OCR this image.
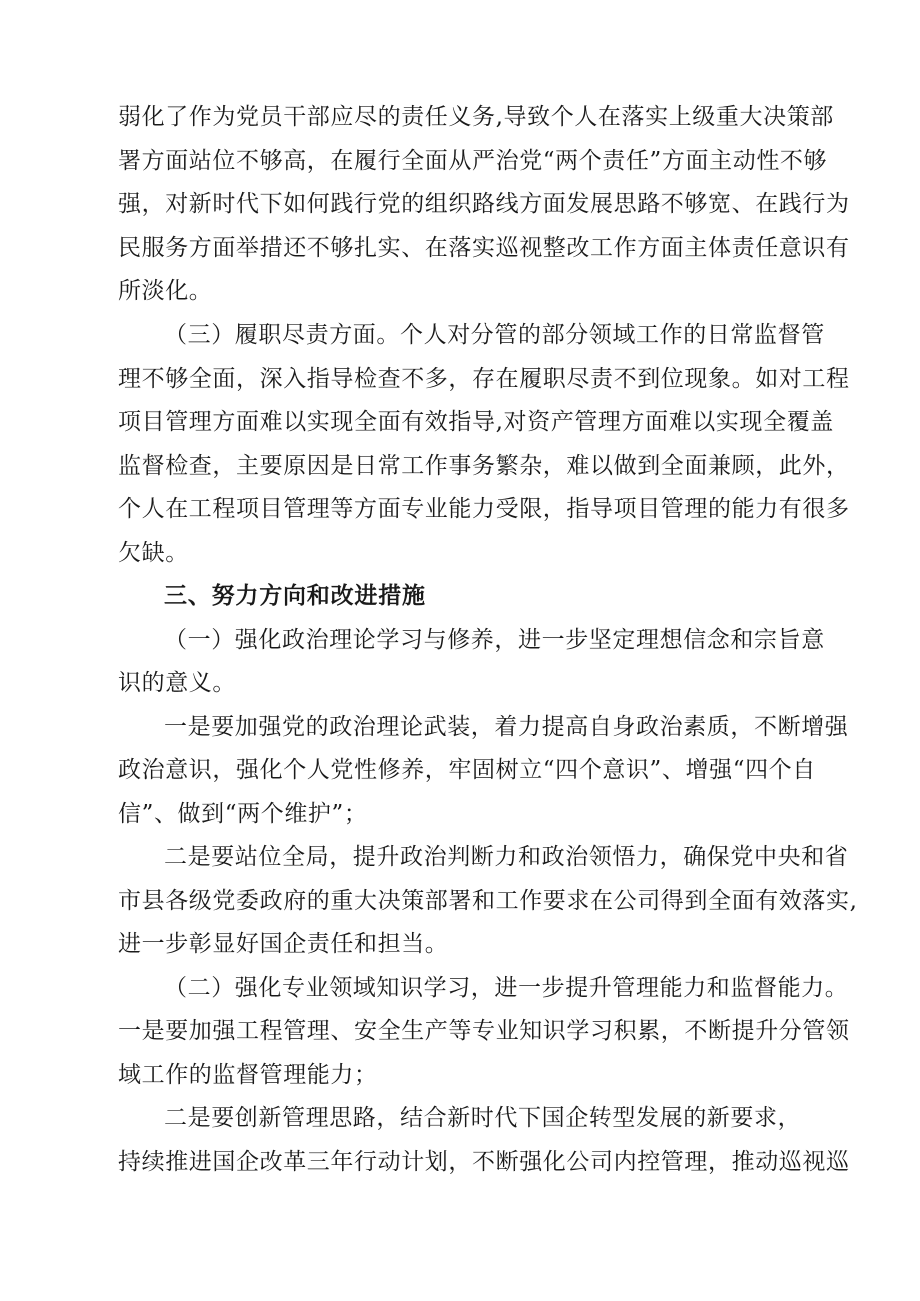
弱化了作为党员干部应尽的责任义务,导致个人在落实上级重大决策部
署方面站位不够高，在履行全面从严治党“两个责任”方面主动性不够
强，对新时代下如何践行党的组织路线方面发展思路不够宽、在践行为
民服务方面举措还不够扎实、在落实巡视整改工作方面主体责任意识有
所淡化。
（三）履职尽责方面。个人对分管的部分领域工作的日常监督管
理不够全面，深入指导检查不多，存在履职尽责不到位现象。如对工程
项目管理方面难以实现全面有效指导,对资产管理方面难以实现全覆盖
监督检查，主要原因是日常工作事务繁杂，难以做到全面兼顾，此外，
个人在工程项目管理等方面专业能力受限，指导项目管理的能力有很多
欠缺。
三、努力方向和改进措施
（一）强化政治理论学习与修养，进一步坚定理想信念和宗旨意
识的意义。
一是要加强党的政治理论武装，着力提高自身政治素质，不断增强
政治意识，强化个人党性修养，牢固树立“四个意识”、增强“四个自
信”、做到“两个维护”；
二是要站位全局，提升政治判断力和政治领悟力，确保党中央和省
市县各级党委政府的重大决策部署和工作要求在公司得到全面有效落实,
进一步彰显好国企责任和担当。
（二）强化专业领域知识学习，进一步提升管理能力和监督能力。
一是要加强工程管理、安全生产等专业知识学习积累，不断提升分管领
域工作的监督管理能力；
二是要创新管理思路，结合新时代下国企转型发展的新要求，
持续推进国企改革三年行动计划，不断强化公司内控管理，推动巡视巡
